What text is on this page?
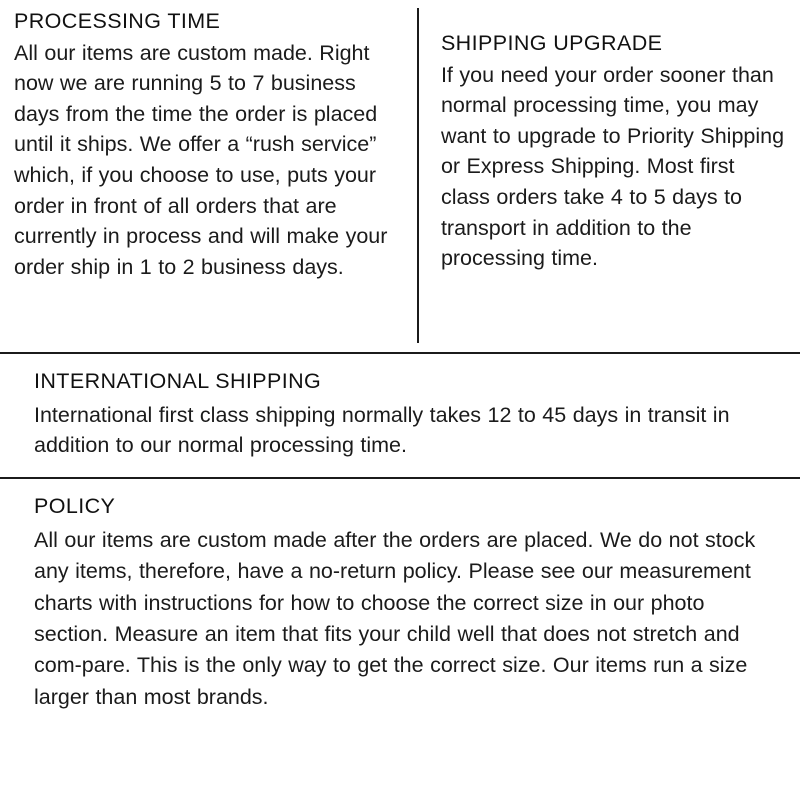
PROCESSING TIME

All our items are custom made. Right now we are running 5 to 7 business days from the time the order is placed until it ships. We offer a “rush service” which, if you choose to use, puts your order in front of all orders that are currently in process and will make your order ship in 1 to 2 business days.

SHIPPING UPGRADE

If you need your order sooner than normal processing time, you may want to upgrade to Priority Shipping or Express Shipping. Most first class orders take 4 to 5 days to transport in addition to the processing time.

INTERNATIONAL SHIPPING

International first class shipping normally takes 12 to 45 days in transit in addition to our normal processing time.

POLICY

All our items are custom made after the orders are placed. We do not stock any items, therefore, have a no-return policy. Please see our measurement charts with instructions for how to choose the correct size in our photo section. Measure an item that fits your child well that does not stretch and com-pare. This is the only way to get the correct size. Our items run a size larger than most brands.
